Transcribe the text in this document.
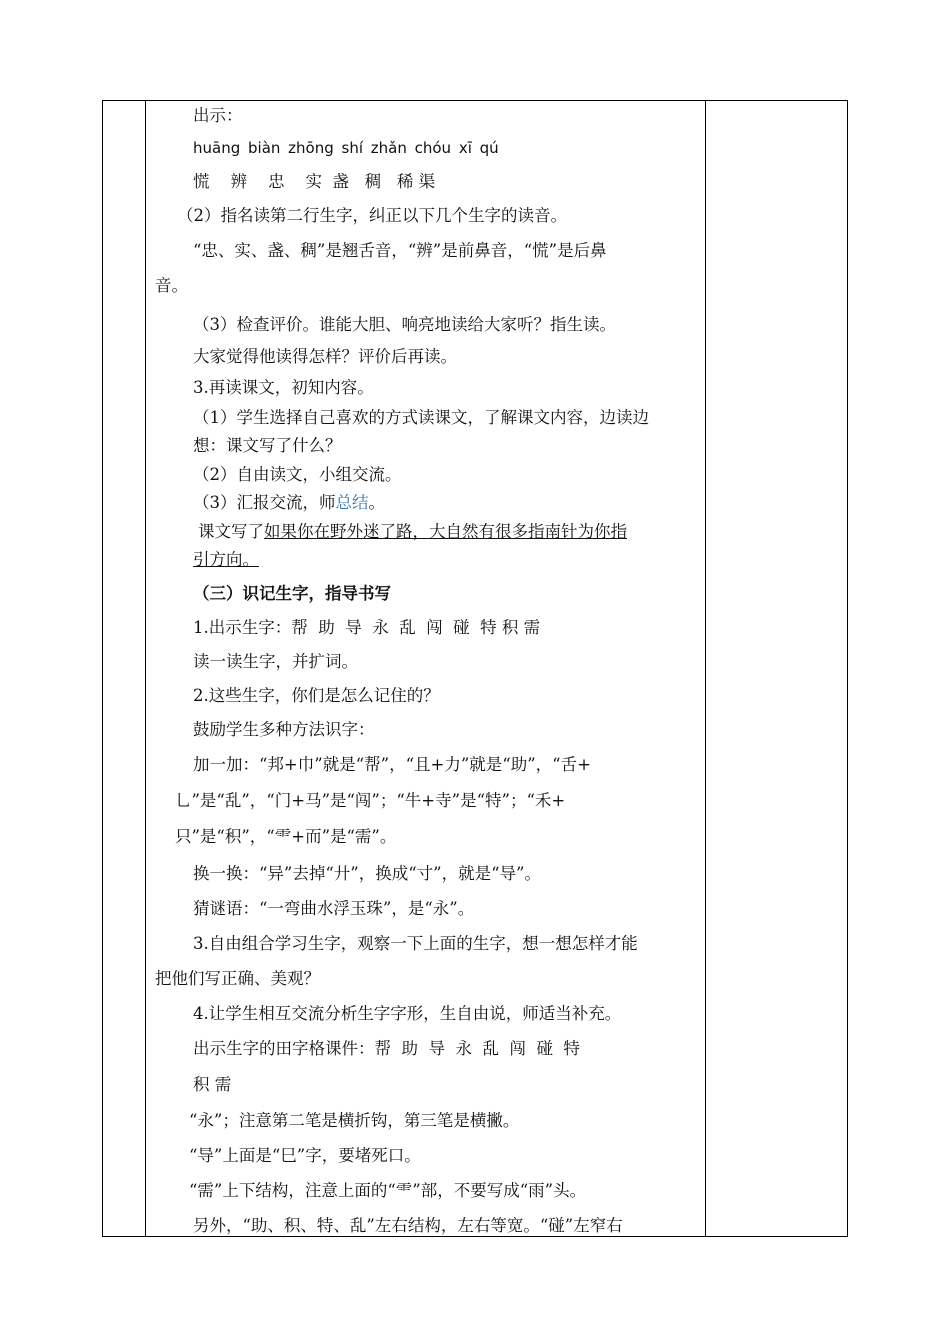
出示：
huāng biàn zhōng shí zhǎn chóu xī qú
慌    辨    忠    实  盏   稠   稀 渠
（2）指名读第二行生字，纠正以下几个生字的读音。
“忠、实、盏、稠”是翘舌音，“辨”是前鼻音，“慌”是后鼻
音。
（3）检查评价。谁能大胆、响亮地读给大家听？指生读。
大家觉得他读得怎样？评价后再读。
3.再读课文，初知内容。
（1）学生选择自己喜欢的方式读课文，了解课文内容，边读边
想：课文写了什么？
（2）自由读文，小组交流。
（3）汇报交流，师总结。
课文写了如果你在野外迷了路，大自然有很多指南针为你指
引方向。
（三）识记生字，指导书写
1.出示生字：帮  助  导  永  乱  闯  碰  特 积 需
读一读生字，并扩词。
2.这些生字，你们是怎么记住的？
鼓励学生多种方法识字：
加一加：“邦+巾”就是“帮”，“且+力”就是“助”，“舌+
乚”是“乱”，“门+马”是“闯”；“牛+寺”是“特”；“禾+
只”是“积”，“⻗+而”是“需”。
换一换：“异”去掉“廾”，换成“寸”，就是“导”。
猜谜语：“一弯曲水浮玉珠”，是“永”。
3.自由组合学习生字，观察一下上面的生字，想一想怎样才能
把他们写正确、美观？
4.让学生相互交流分析生字字形，生自由说，师适当补充。
出示生字的田字格课件：帮  助  导  永  乱  闯  碰  特
积 需
“永”；注意第二笔是横折钩，第三笔是横撇。
“导”上面是“巳”字，要堵死口。
“需”上下结构，注意上面的“⻗”部，不要写成“雨”头。
另外，“助、积、特、乱”左右结构，左右等宽。“碰”左窄右
